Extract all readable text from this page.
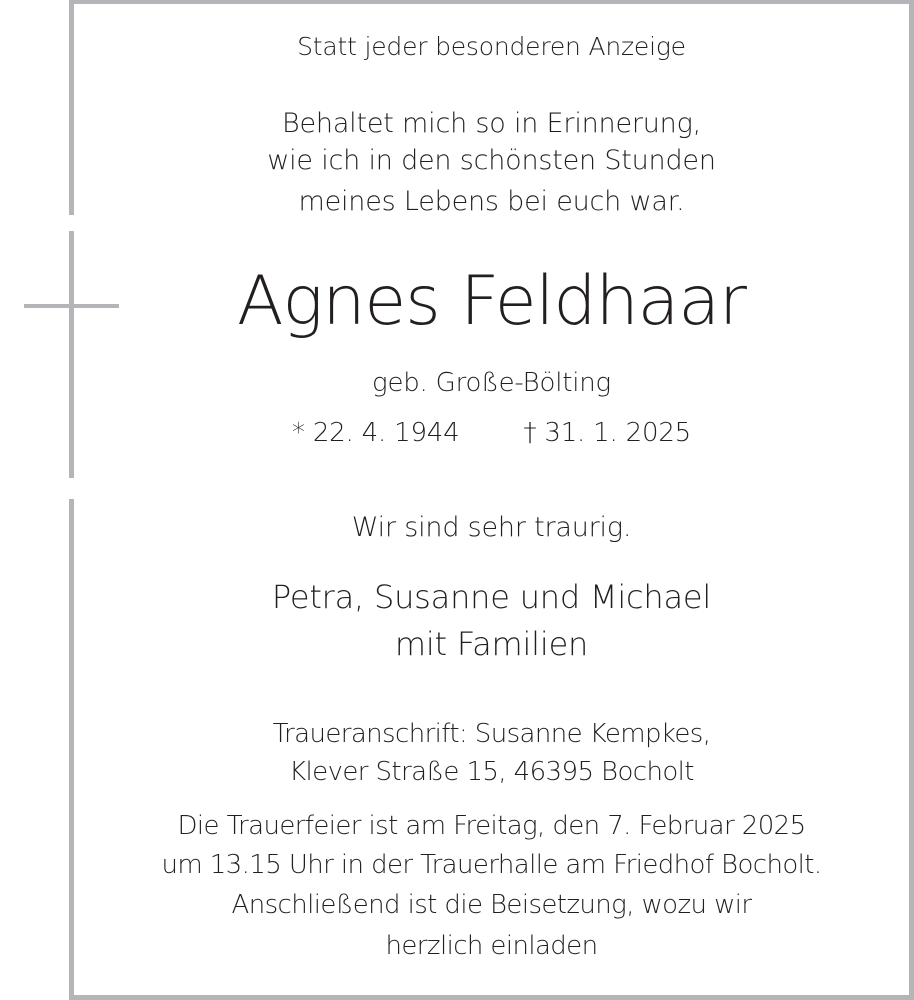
Statt jeder besonderen Anzeige
Behaltet mich so in Erinnerung,
wie ich in den schönsten Stunden
meines Lebens bei euch war.
Agnes Feldhaar
geb. Große-Bölting
* 22. 4. 1944 † 31. 1. 2025
Wir sind sehr traurig.
Petra, Susanne und Michael
mit Familien
Traueranschrift: Susanne Kempkes,
Klever Straße 15, 46395 Bocholt
Die Trauerfeier ist am Freitag, den 7. Februar 2025
um 13.15 Uhr in der Trauerhalle am Friedhof Bocholt.
Anschließend ist die Beisetzung, wozu wir
herzlich einladen
